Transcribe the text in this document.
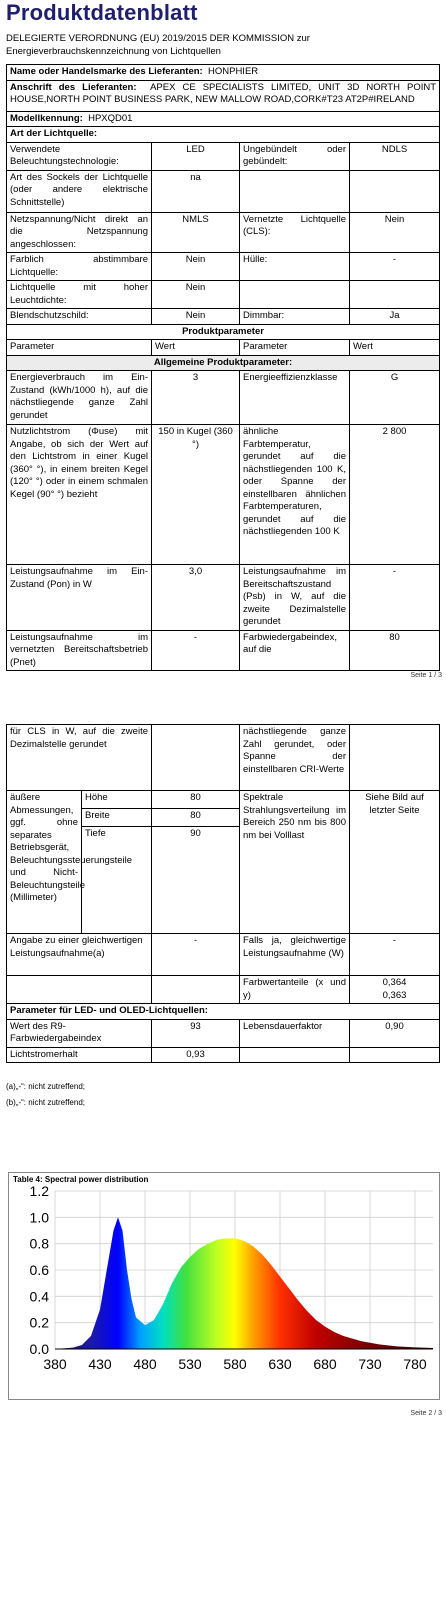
Produktdatenblatt
DELEGIERTE VERORDNUNG (EU) 2019/2015 DER KOMMISSION zur Energieverbrauchskennzeichnung von Lichtquellen
Name oder Handelsmarke des Lieferanten: HONPHIER			
Anschrift des Lieferanten: APEX CE SPECIALISTS LIMITED, UNIT 3D NORTH POINT HOUSE,NORTH POINT BUSINESS PARK, NEW MALLOW ROAD,CORK#T23 AT2P#IRELAND			
Modellkennung: HPXQD01			
Art der Lichtquelle:			
Verwendete Beleuchtungstechnologie:	LED	Ungebündelt oder gebündelt:	NDLS
Art des Sockels der Lichtquelle (oder andere elektrische Schnittstelle)	na		
Netzspannung/Nicht direkt an die Netzspannung angeschlossen:	NMLS	Vernetzte Lichtquelle (CLS):	Nein
Farblich abstimmbare Lichtquelle:	Nein	Hülle:	-
Lichtquelle mit hoher Leuchtdichte:	Nein		
Blendschutzschild:	Nein	Dimmbar:	Ja
Produktparameter			
Parameter	Wert	Parameter	Wert
Allgemeine Produktparameter:			
Energieverbrauch im Ein-Zustand (kWh/1000 h), auf die nächstliegende ganze Zahl gerundet	3	Energieeffizienzklasse	G
Nutzlichtstrom (Φuse) mit Angabe, ob sich der Wert auf den Lichtstrom in einer Kugel (360° °), in einem breiten Kegel (120° °) oder in einem schmalen Kegel (90° °) bezieht	150 in Kugel (360 °)	ähnliche Farbtemperatur, gerundet auf die nächstliegenden 100 K, oder Spanne der einstellbaren ähnlichen Farbtemperaturen, gerundet auf die nächstliegenden 100 K	2 800
Leistungsaufnahme im Ein-Zustand (Pon) in W	3,0	Leistungsaufnahme im Bereitschaftszustand (Psb) in W, auf die zweite Dezimalstelle gerundet	-
Leistungsaufnahme im vernetzten Bereitschaftsbetrieb (Pnet)	-	Farbwiedergabeindex, auf die	80
Seite 1 / 3
für CLS in W, auf die zweite Dezimalstelle gerundet			nächstliegende ganze Zahl gerundet, oder Spanne der einstellbaren CRI-Werte	
äußere Abmessungen, ggf. ohne separates Betriebsgerät, Beleuchtungssteuerungsteile und Nicht-Beleuchtungsteile (Millimeter)	Höhe	80	Spektrale Strahlungsverteilung im Bereich 250 nm bis 800 nm bei Volllast	Siehe Bild auf letzter Seite
	Breite	80		
	Tiefe	90		
Angabe zu einer gleichwertigen Leistungsaufnahme(a)		-	Falls ja, gleichwertige Leistungsaufnahme (W)	-
			Farbwertanteile (x und y)	0,364
0,363
Parameter für LED- und OLED-Lichtquellen:				
Wert des R9-Farbwiedergabeindex		93	Lebensdauerfaktor	0,90
Lichtstromerhalt		0,93		
(a)„-“: nicht zutreffend;
(b)„-“: nicht zutreffend;
Table 4: Spectral power distribution
0.0
0.2
0.4
0.6
0.8
1.0
1.2
380 430 480 530 580 630 680 730 780
Seite 2 / 3
